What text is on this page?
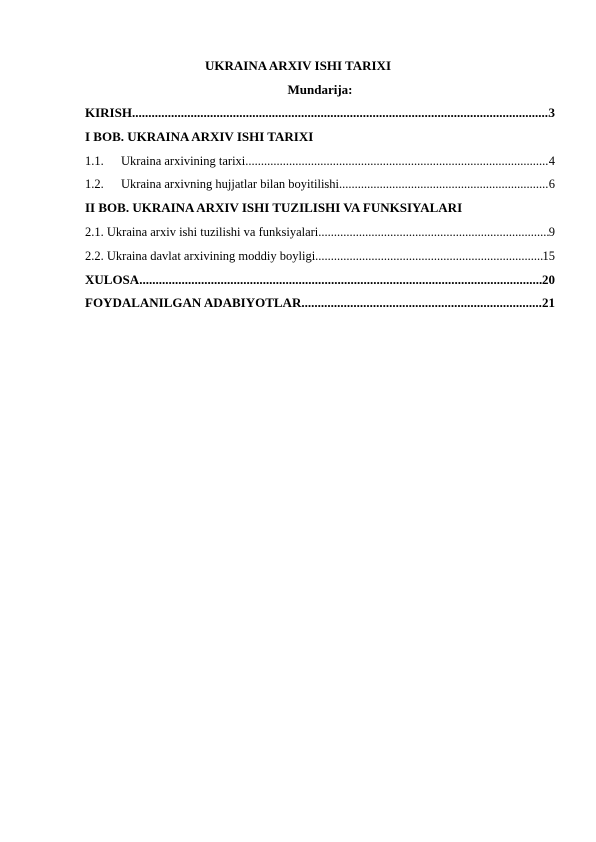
UKRAINA ARXIV ISHI TARIXI
Mundarija:
KIRISH .....	3
I BOB. UKRAINA ARXIV ISHI TARIXI
1.1.	Ukraina arxivining tarixi .....	4
1.2.	Ukraina arxivning hujjatlar bilan boyitilishi .....	6
II BOB. UKRAINA ARXIV ISHI TUZILISHI VA FUNKSIYALARI
2.1. Ukraina arxiv ishi tuzilishi va funksiyalari .....	9
2.2. Ukraina davlat arxivining moddiy boyligi .....	15
XULOSA .....	20
FOYDALANILGAN ADABIYOTLAR .....	21
